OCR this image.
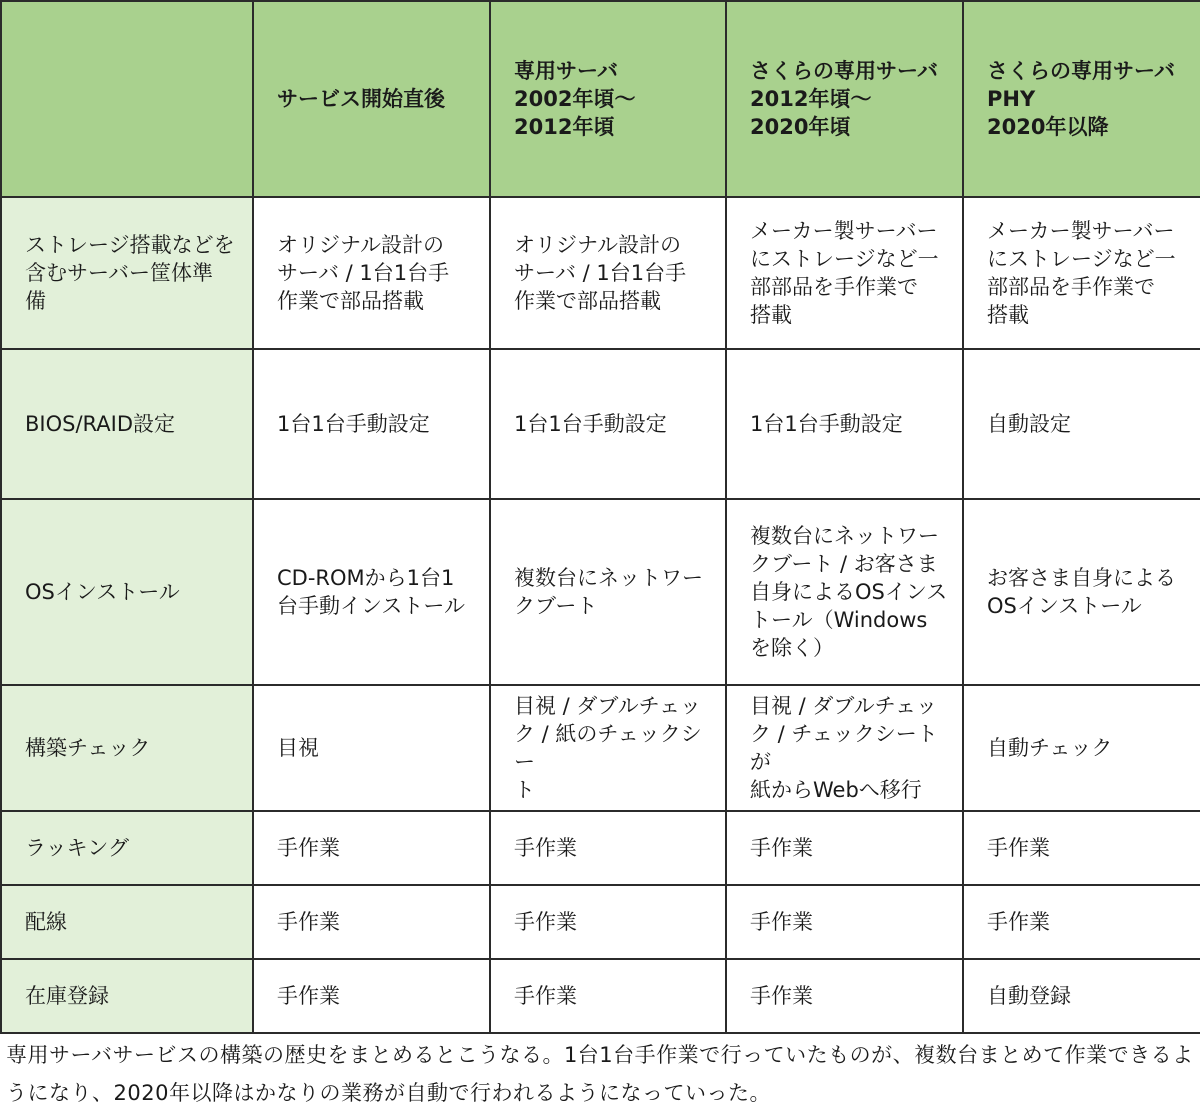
	サービス開始直後	専用サーバ
2002年頃〜
2012年頃	さくらの専用サーバ
2012年頃〜
2020年頃	さくらの専用サーバ
PHY
2020年以降
ストレージ搭載などを
含むサーバー筐体準
備	オリジナル設計の
サーバ / 1台1台手
作業で部品搭載	オリジナル設計の
サーバ / 1台1台手
作業で部品搭載	メーカー製サーバー
にストレージなど一
部部品を手作業で
搭載	メーカー製サーバー
にストレージなど一
部部品を手作業で
搭載
BIOS/RAID設定	1台1台手動設定	1台1台手動設定	1台1台手動設定	自動設定
OSインストール	CD-ROMから1台1
台手動インストール	複数台にネットワー
クブート	複数台にネットワー
クブート / お客さま
自身によるOSインス
トール（Windows
を除く）	お客さま自身による
OSインストール
構築チェック	目視	目視 / ダブルチェッ
ク / 紙のチェックシー
ト	目視 / ダブルチェッ
ク / チェックシートが
紙からWebへ移行	自動チェック
ラッキング	手作業	手作業	手作業	手作業
配線	手作業	手作業	手作業	手作業
在庫登録	手作業	手作業	手作業	自動登録

専用サーバサービスの構築の歴史をまとめるとこうなる。1台1台手作業で行っていたものが、複数台まとめて作業できるようになり、2020年以降はかなりの業務が自動で行われるようになっていった。
